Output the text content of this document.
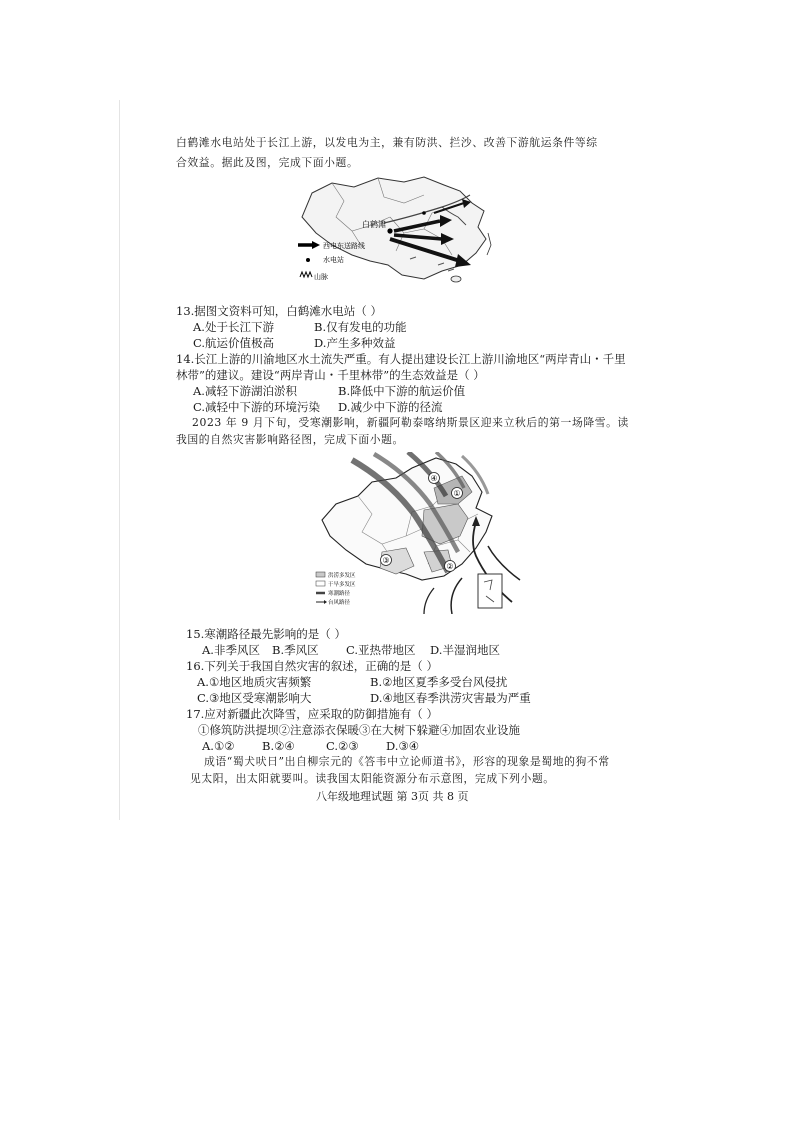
白鹤滩水电站处于长江上游，以发电为主，兼有防洪、拦沙、改善下游航运条件等综
合效益。据此及图，完成下面小题。
白鹤滩
西电东送路线
水电站
山脉
13.据图文资料可知，白鹤滩水电站（ ）
A.处于长江下游	B.仅有发电的功能
C.航运价值极高	D.产生多种效益
14.长江上游的川渝地区水土流失严重。有人提出建设长江上游川渝地区“两岸青山・千里
林带”的建议。建设“两岸青山・千里林带”的生态效益是（ ）
A.减轻下游湖泊淤积	B.降低中下游的航运价值
C.减轻中下游的环境污染 D.减少中下游的径流
2023 年 9 月下旬，受寒潮影响，新疆阿勒泰喀纳斯景区迎来立秋后的第一场降雪。读
我国的自然灾害影响路径图，完成下面小题。
①
②
③
④
洪涝多发区
干旱多发区
寒潮路径
台风路径
15.寒潮路径最先影响的是（ ）
A.非季风区 B.季风区 C.亚热带地区 D.半湿润地区
16.下列关于我国自然灾害的叙述，正确的是（ ）
A.①地区地质灾害频繁	B.②地区夏季多受台风侵扰
C.③地区受寒潮影响大	D.④地区春季洪涝灾害最为严重
17.应对新疆此次降雪，应采取的防御措施有（ ）
①修筑防洪提坝②注意添衣保暖③在大树下躲避④加固农业设施
A.①② B.②④	C.②③ D.③④
成语“蜀犬吠日”出自柳宗元的《答韦中立论师道书》，形容的现象是蜀地的狗不常
见太阳，出太阳就要叫。读我国太阳能资源分布示意图，完成下列小题。
八年级地理试题 第 3页 共 8 页
